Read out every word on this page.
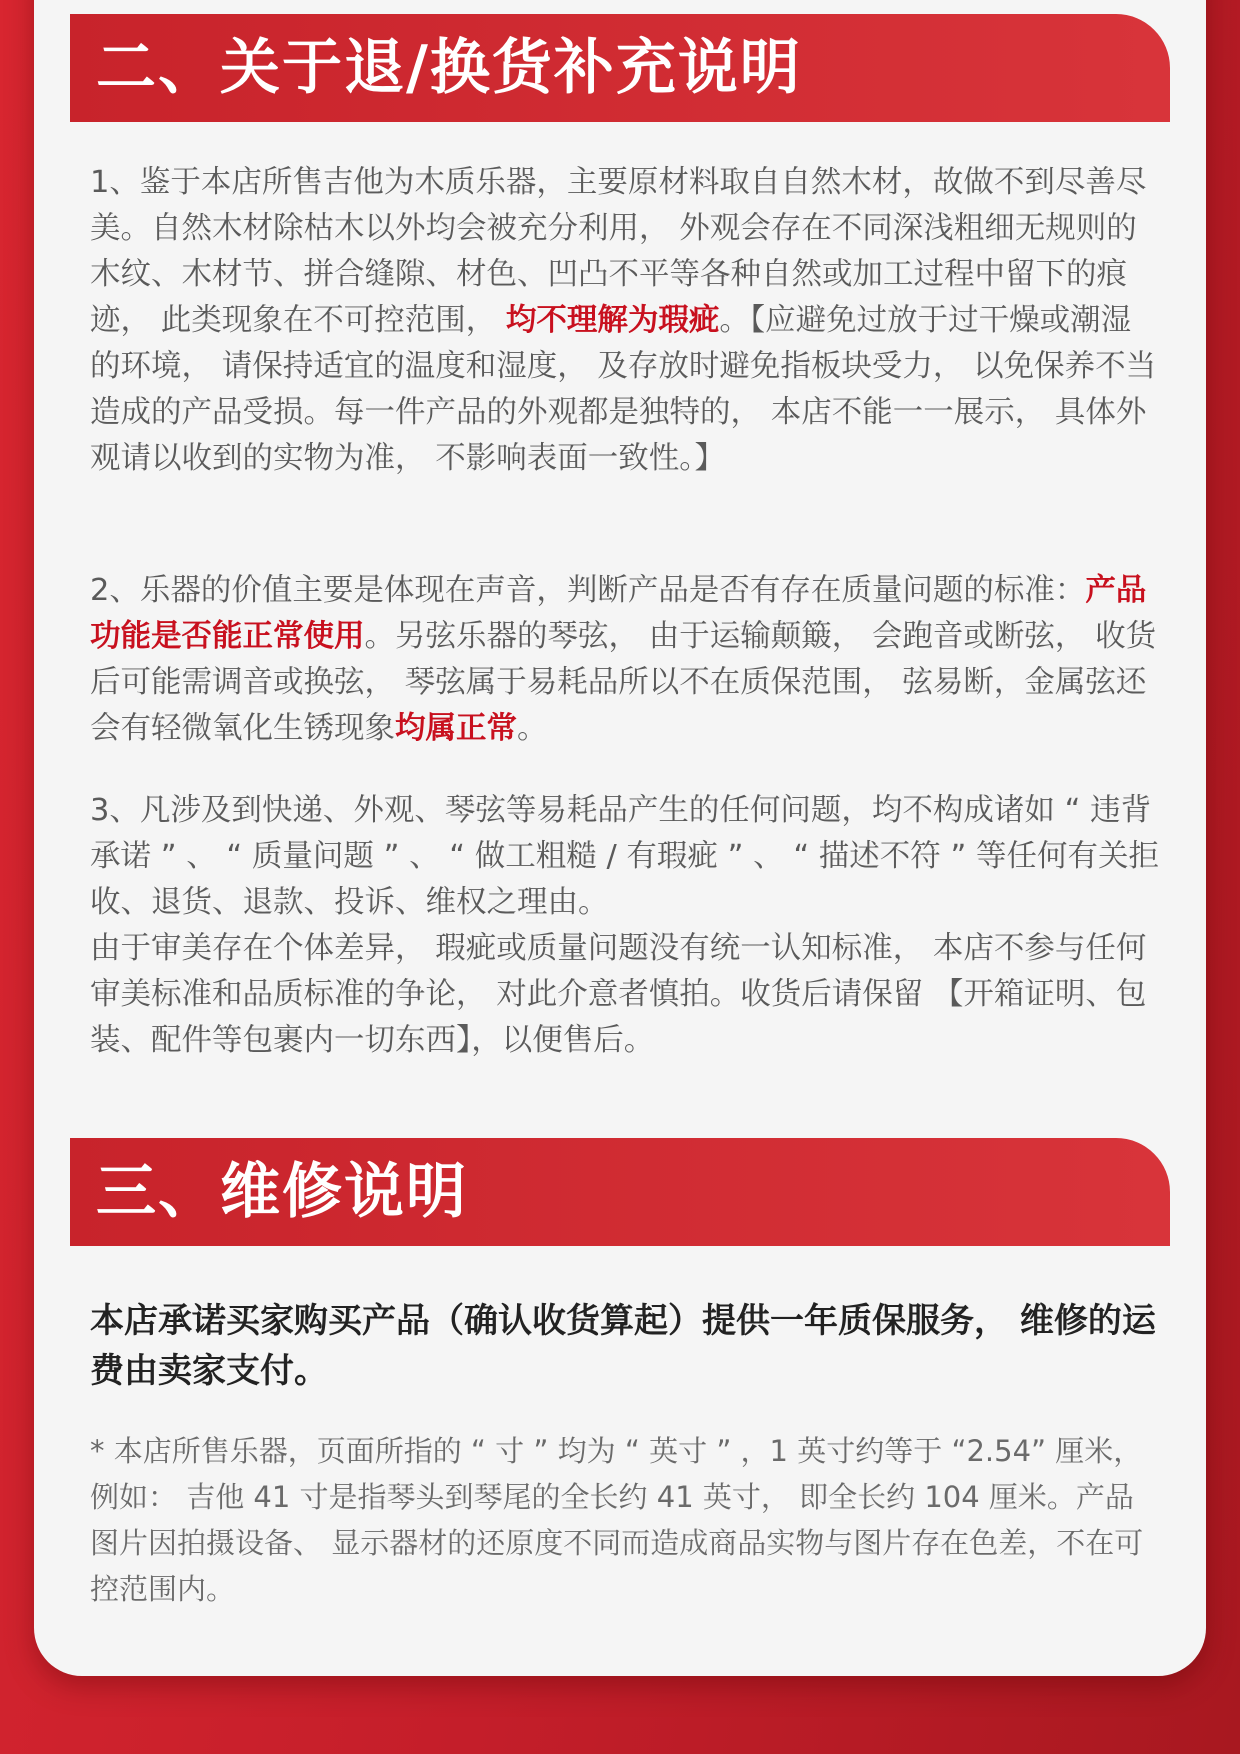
二、关于退/换货补充说明

1、鉴于本店所售吉他为木质乐器，主要原材料取自自然木材，故做不到尽善尽美。自然木材除枯木以外均会被充分利用， 外观会存在不同深浅粗细无规则的木纹、木材节、拼合缝隙、材色、凹凸不平等各种自然或加工过程中留下的痕迹， 此类现象在不可控范围， 均不理解为瑕疵。【应避免过放于过干燥或潮湿的环境， 请保持适宜的温度和湿度， 及存放时避免指板块受力， 以免保养不当造成的产品受损。每一件产品的外观都是独特的， 本店不能一一展示， 具体外观请以收到的实物为准， 不影响表面一致性。】

2、乐器的价值主要是体现在声音，判断产品是否有存在质量问题的标准：产品功能是否能正常使用。另弦乐器的琴弦， 由于运输颠簸， 会跑音或断弦， 收货后可能需调音或换弦， 琴弦属于易耗品所以不在质保范围， 弦易断，金属弦还会有轻微氧化生锈现象均属正常。

3、凡涉及到快递、外观、琴弦等易耗品产生的任何问题，均不构成诸如 “ 违背承诺 ” 、 “ 质量问题 ” 、 “ 做工粗糙 / 有瑕疵 ” 、 “ 描述不符 ” 等任何有关拒收、退货、退款、投诉、维权之理由。
由于审美存在个体差异， 瑕疵或质量问题没有统一认知标准， 本店不参与任何审美标准和品质标准的争论， 对此介意者慎拍。收货后请保留 【开箱证明、包装、配件等包裹内一切东西】，以便售后。

三、维修说明

本店承诺买家购买产品（确认收货算起）提供一年质保服务， 维修的运费由卖家支付。

* 本店所售乐器，页面所指的 “ 寸 ” 均为 “ 英寸 ” ，1 英寸约等于 “2.54” 厘米， 例如： 吉他 41 寸是指琴头到琴尾的全长约 41 英寸， 即全长约 104 厘米。产品图片因拍摄设备、 显示器材的还原度不同而造成商品实物与图片存在色差，不在可控范围内。
